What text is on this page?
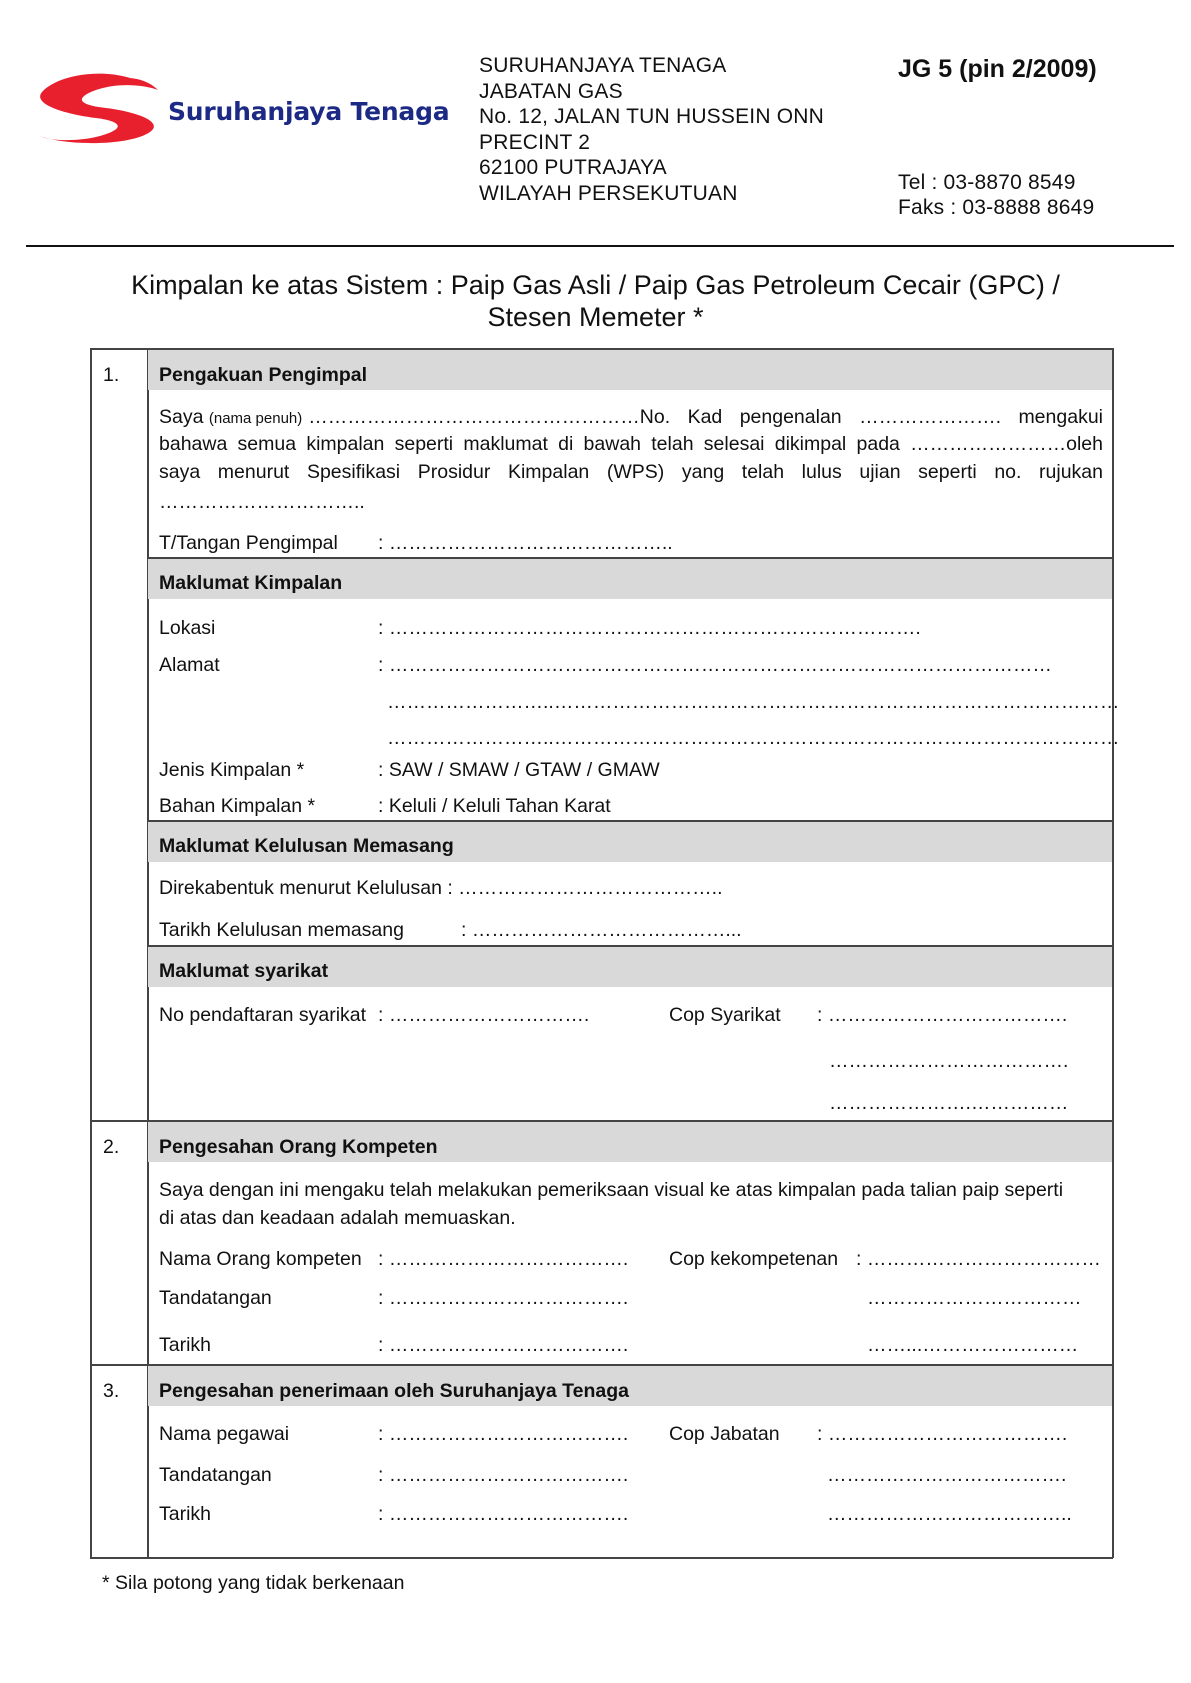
Suruhanjaya Tenaga
SURUHANJAYA TENAGA
JABATAN GAS
No. 12, JALAN TUN HUSSEIN ONN
PRECINT 2
62100 PUTRAJAYA
WILAYAH PERSEKUTUAN
JG 5 (pin 2/2009)
Tel : 03-8870 8549
Faks : 03-8888 8649
Kimpalan ke atas Sistem : Paip Gas Asli / Paip Gas Petroleum Cecair (GPC) /
Stesen Memeter *
1. Pengakuan Pengimpal
Saya (nama penuh) ……………………………………………No. Kad pengenalan …………………. mengakui
bahawa semua kimpalan seperti maklumat di bawah telah selesai dikimpal pada ……………………oleh
saya menurut Spesifikasi Prosidur Kimpalan (WPS) yang telah lulus ujian seperti no. rujukan
…………………………..
T/Tangan Pengimpal : ……………………………………..
Maklumat Kimpalan
Lokasi	: ……………………………………………………………………….
Alamat	: …………………………………………………………………………………………
……………………..……………………………………………………………………………
……………………..……………………………………………………………………………
Jenis Kimpalan *	: SAW / SMAW / GTAW / GMAW
Bahan Kimpalan *	: Keluli / Keluli Tahan Karat
Maklumat Kelulusan Memasang
Direkabentuk menurut Kelulusan : …………………………………..
Tarikh Kelulusan memasang	: …………………………………...
Maklumat syarikat
No pendaftaran syarikat : ………………………….	Cop Syarikat : ……………………………….
……………………………….
………………….……………
2. Pengesahan Orang Kompeten
Saya dengan ini mengaku telah melakukan pemeriksaan visual ke atas kimpalan pada talian paip seperti
di atas dan keadaan adalah memuaskan.
Nama Orang kompeten : ………………………………. Cop kekompetenan : ………………………………
Tandatangan	: ……………………………….	……………………………
Tarikh	: ……………………………….	……...……………………
3. Pengesahan penerimaan oleh Suruhanjaya Tenaga
Nama pegawai	: ………………………………. Cop Jabatan : ……………………………….
Tandatangan	: ……………………………….	……………………………….
Tarikh	: ……………………………….	………………………………..
* Sila potong yang tidak berkenaan
